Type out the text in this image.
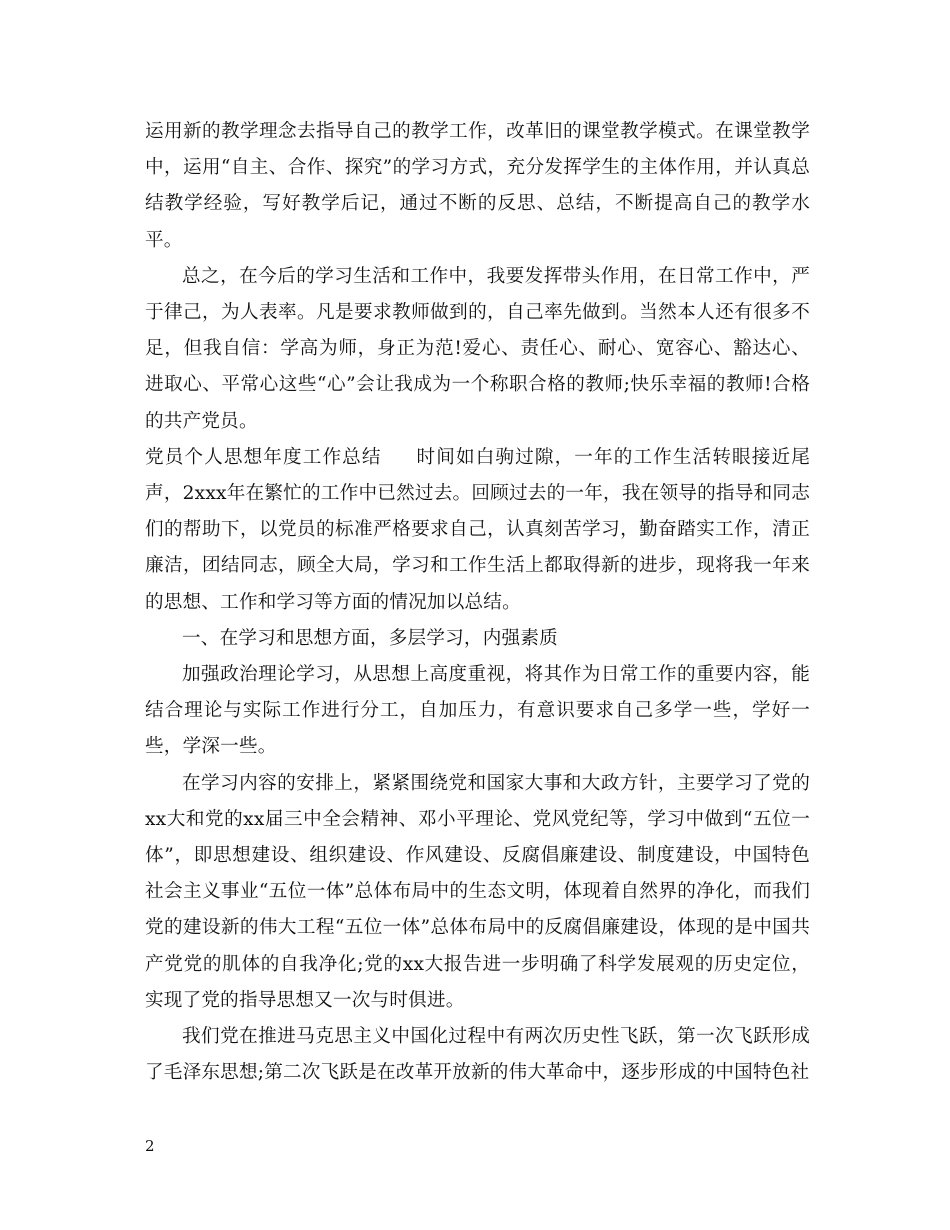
运用新的教学理念去指导自己的教学工作，改革旧的课堂教学模式。在课堂教学中，运用“自主、合作、探究”的学习方式，充分发挥学生的主体作用，并认真总结教学经验，写好教学后记，通过不断的反思、总结，不断提高自己的教学水平。

总之，在今后的学习生活和工作中，我要发挥带头作用，在日常工作中，严于律己，为人表率。凡是要求教师做到的，自己率先做到。当然本人还有很多不足，但我自信：学高为师，身正为范!爱心、责任心、耐心、宽容心、豁达心、进取心、平常心这些“心”会让我成为一个称职合格的教师;快乐幸福的教师!合格的共产党员。

党员个人思想年度工作总结 时间如白驹过隙，一年的工作生活转眼接近尾声，2xxx年在繁忙的工作中已然过去。回顾过去的一年，我在领导的指导和同志们的帮助下，以党员的标准严格要求自己，认真刻苦学习，勤奋踏实工作，清正廉洁，团结同志，顾全大局，学习和工作生活上都取得新的进步，现将我一年来的思想、工作和学习等方面的情况加以总结。

一、在学习和思想方面，多层学习，内强素质

加强政治理论学习，从思想上高度重视，将其作为日常工作的重要内容，能结合理论与实际工作进行分工，自加压力，有意识要求自己多学一些，学好一些，学深一些。

在学习内容的安排上，紧紧围绕党和国家大事和大政方针，主要学习了党的xx大和党的xx届三中全会精神、邓小平理论、党风党纪等，学习中做到“五位一体”，即思想建设、组织建设、作风建设、反腐倡廉建设、制度建设，中国特色社会主义事业“五位一体”总体布局中的生态文明，体现着自然界的净化，而我们党的建设新的伟大工程“五位一体”总体布局中的反腐倡廉建设，体现的是中国共产党党的肌体的自我净化;党的xx大报告进一步明确了科学发展观的历史定位，实现了党的指导思想又一次与时俱进。

我们党在推进马克思主义中国化过程中有两次历史性飞跃，第一次飞跃形成了毛泽东思想;第二次飞跃是在改革开放新的伟大革命中，逐步形成的中国特色社

2
